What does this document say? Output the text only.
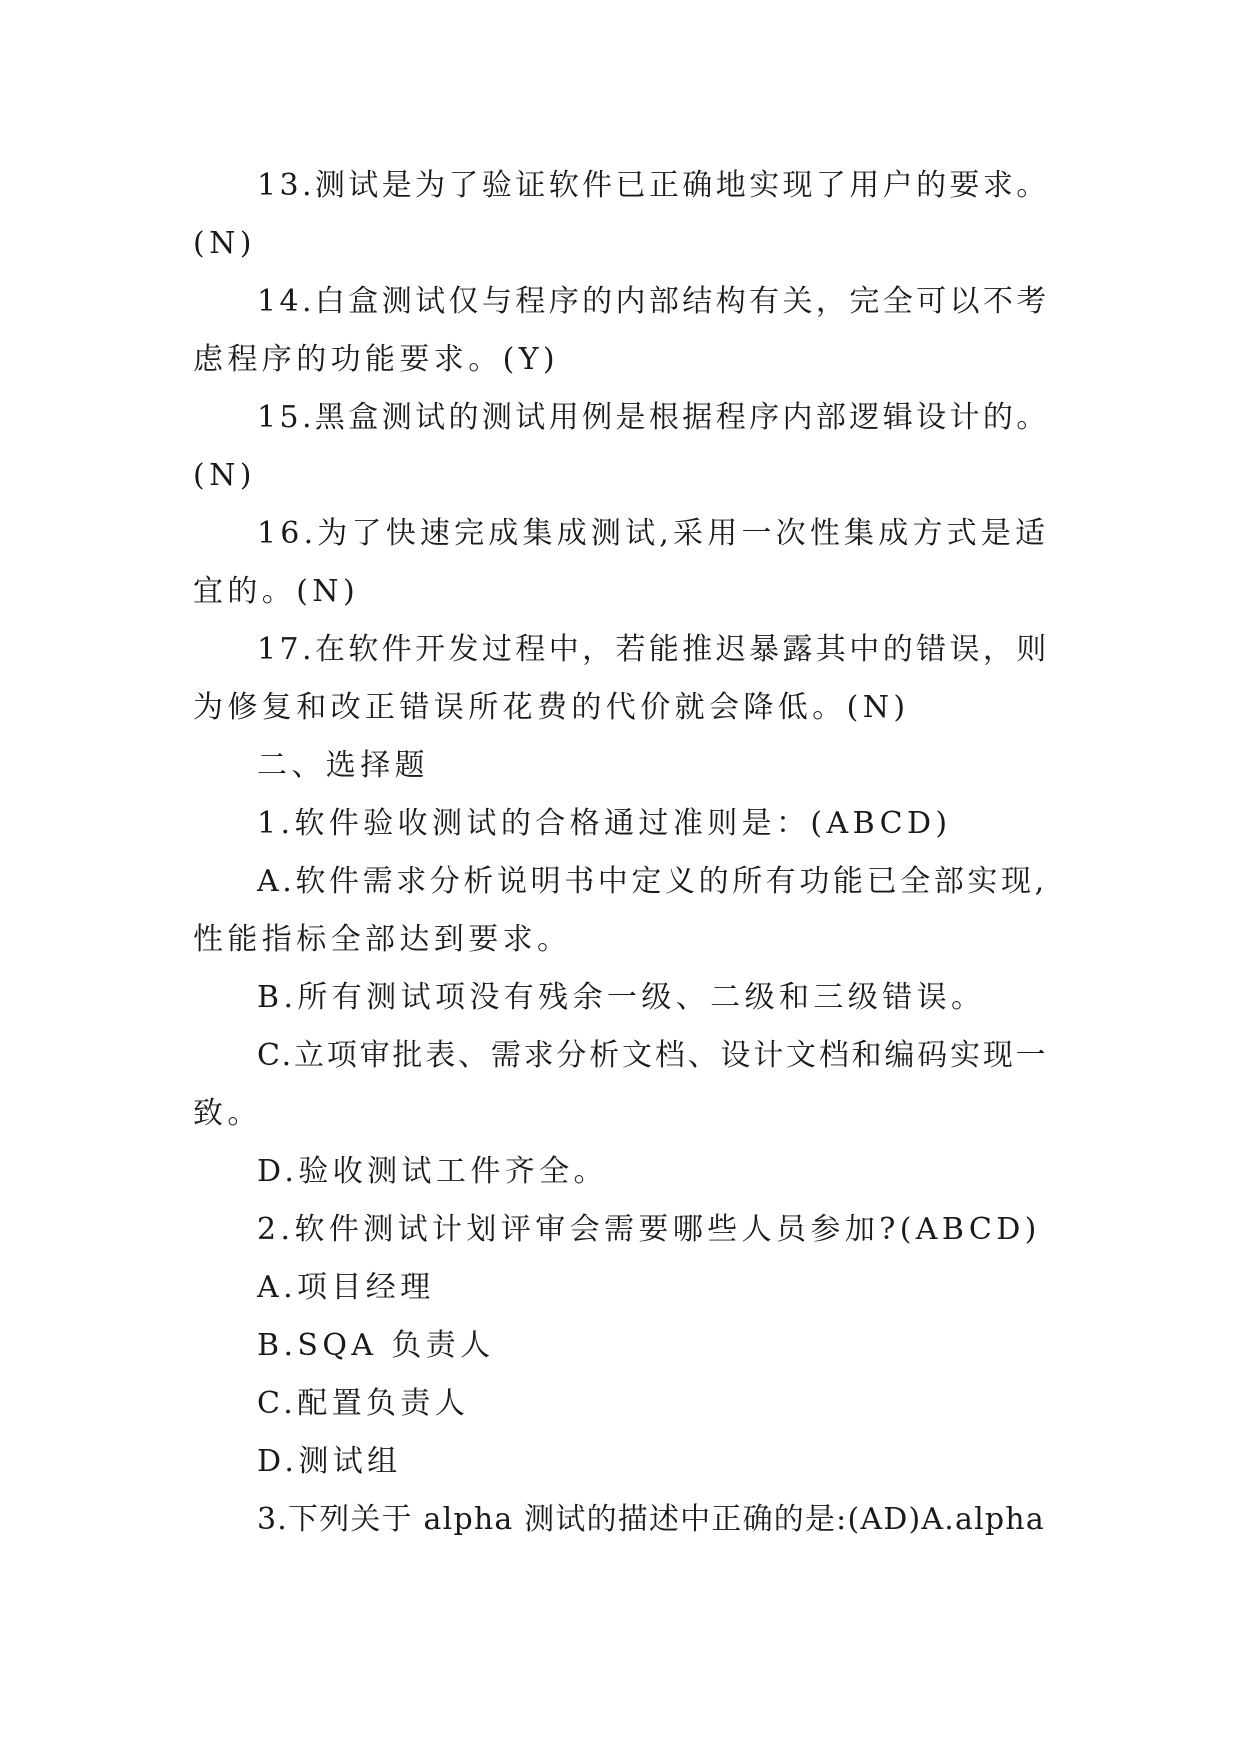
13.测试是为了验证软件已正确地实现了用户的要求。
(N)
14.白盒测试仅与程序的内部结构有关，完全可以不考
虑程序的功能要求。(Y)
15.黑盒测试的测试用例是根据程序内部逻辑设计的。
(N)
16.为了快速完成集成测试,采用一次性集成方式是适
宜的。(N)
17.在软件开发过程中，若能推迟暴露其中的错误，则
为修复和改正错误所花费的代价就会降低。(N)
二、选择题
1.软件验收测试的合格通过准则是：(ABCD)
A.软件需求分析说明书中定义的所有功能已全部实现,
性能指标全部达到要求。
B.所有测试项没有残余一级、二级和三级错误。
C.立项审批表、需求分析文档、设计文档和编码实现一
致。
D.验收测试工件齐全。
2.软件测试计划评审会需要哪些人员参加?(ABCD)
A.项目经理
B.SQA 负责人
C.配置负责人
D.测试组
3.下列关于 alpha 测试的描述中正确的是:(AD)A.alpha
